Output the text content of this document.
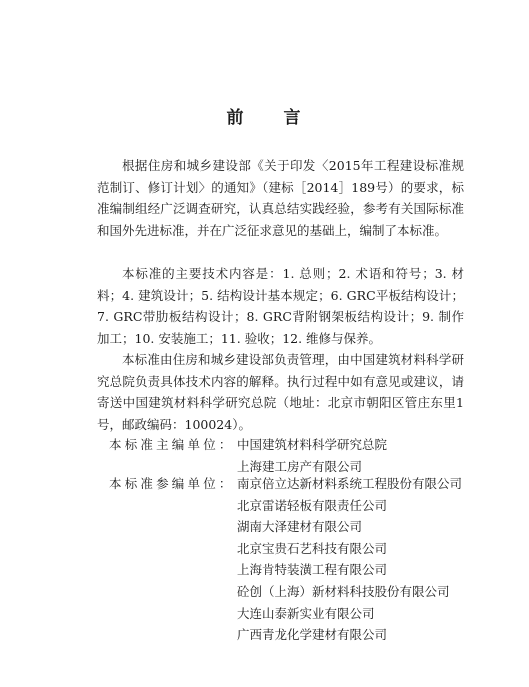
前 言

根据住房和城乡建设部《关于印发〈2015年工程建设标准规范制订、修订计划〉的通知》（建标［2014］189号）的要求，标准编制组经广泛调查研究，认真总结实践经验，参考有关国际标准和国外先进标准，并在广泛征求意见的基础上，编制了本标准。

本标准的主要技术内容是：1. 总则；2. 术语和符号；3. 材料；4. 建筑设计；5. 结构设计基本规定；6. GRC平板结构设计；7. GRC带肋板结构设计；8. GRC背附钢架板结构设计；9. 制作加工；10. 安装施工；11. 验收；12. 维修与保养。

本标准由住房和城乡建设部负责管理，由中国建筑材料科学研究总院负责具体技术内容的解释。执行过程中如有意见或建议，请寄送中国建筑材料科学研究总院（地址：北京市朝阳区管庄东里1号，邮政编码：100024）。

本标准主编单位： 中国建筑材料科学研究总院
上海建工房产有限公司
本标准参编单位： 南京倍立达新材料系统工程股份有限公司
北京雷诺轻板有限责任公司
湖南大泽建材有限公司
北京宝贵石艺科技有限公司
上海肯特装潢工程有限公司
砼创（上海）新材料科技股份有限公司
大连山泰新实业有限公司
广西青龙化学建材有限公司
